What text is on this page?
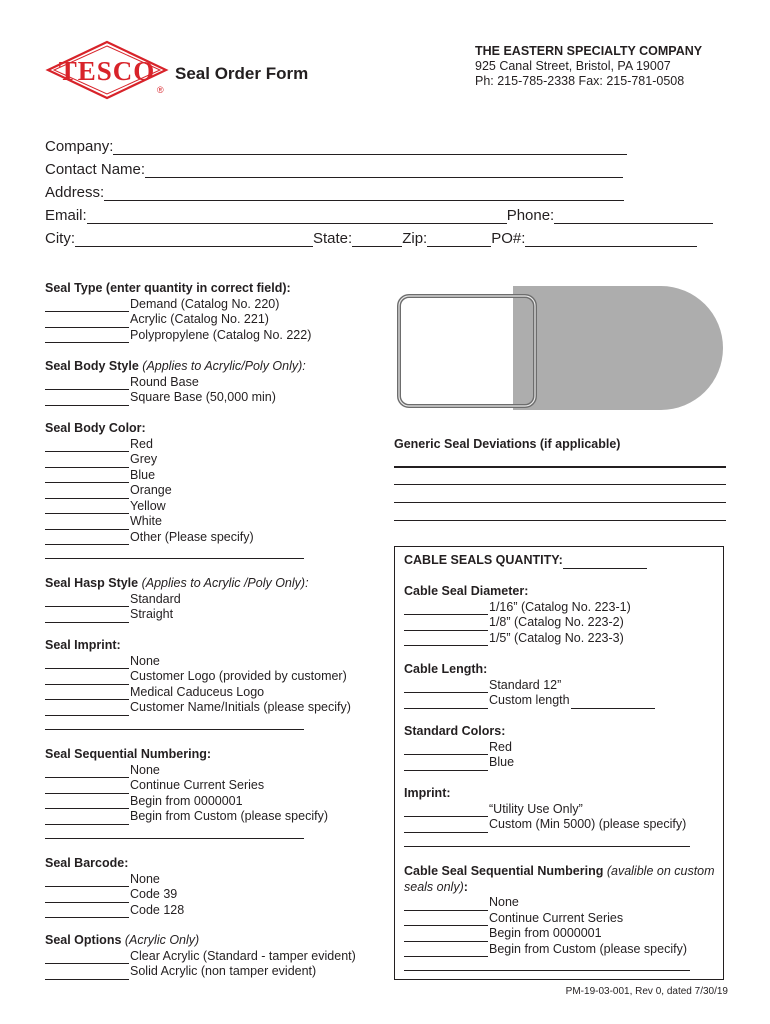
TESCO
®
Seal Order Form
THE EASTERN SPECIALTY COMPANY
925 Canal Street, Bristol, PA 19007
Ph: 215-785-2338 Fax: 215-781-0508
Company:
Contact Name:
Address:
Email:	Phone:
City:	State:	Zip:	PO#:
Seal Type (enter quantity in correct field):
Demand (Catalog No. 220)
Acrylic (Catalog No. 221)
Polypropylene (Catalog No. 222)
Seal Body Style (Applies to Acrylic/Poly Only):
Round Base
Square Base (50,000 min)
Seal Body Color:
Red
Grey
Blue
Orange
Yellow
White
Other (Please specify)
Seal Hasp Style (Applies to Acrylic /Poly Only):
Standard
Straight
Seal Imprint:
None
Customer Logo (provided by customer)
Medical Caduceus Logo
Customer Name/Initials (please specify)
Seal Sequential Numbering:
None
Continue Current Series
Begin from 0000001
Begin from Custom (please specify)
Seal Barcode:
None
Code 39
Code 128
Seal Options (Acrylic Only)
Clear Acrylic (Standard - tamper evident)
Solid Acrylic (non tamper evident)
Generic Seal Deviations (if applicable)
CABLE SEALS QUANTITY:
Cable Seal Diameter:
1/16” (Catalog No. 223-1)
1/8” (Catalog No. 223-2)
1/5” (Catalog No. 223-3)
Cable Length:
Standard 12”
Custom length
Standard Colors:
Red
Blue
Imprint:
“Utility Use Only”
Custom (Min 5000) (please specify)
Cable Seal Sequential Numbering (avalible on custom seals only):
None
Continue Current Series
Begin from 0000001
Begin from Custom (please specify)
PM-19-03-001, Rev 0, dated 7/30/19
